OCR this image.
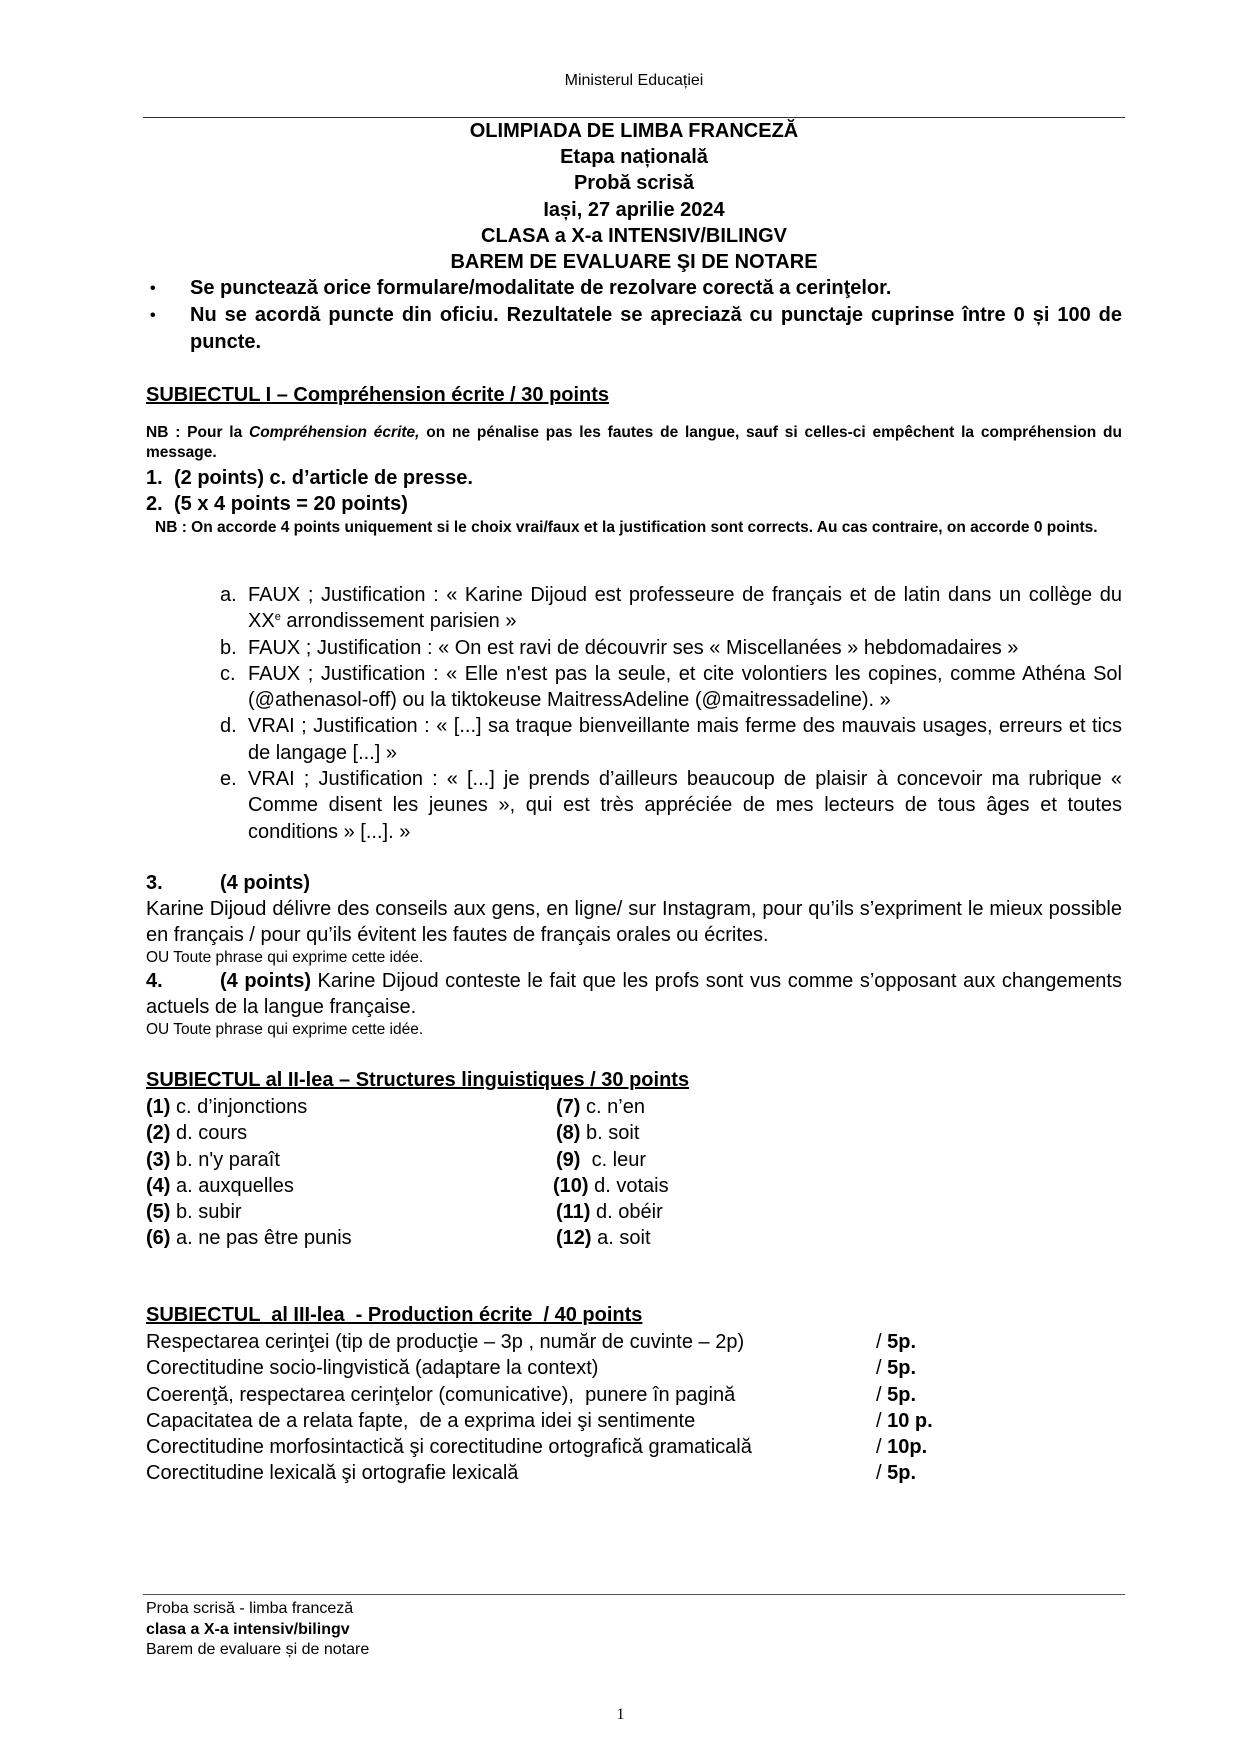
Ministerul Educației
OLIMPIADA DE LIMBA FRANCEZĂ
Etapa națională
Probă scrisă
Iași, 27 aprilie 2024
CLASA a X-a INTENSIV/BILINGV
BAREM DE EVALUARE ŞI DE NOTARE
• Se punctează orice formulare/modalitate de rezolvare corectă a cerinţelor.
• Nu se acordă puncte din oficiu. Rezultatele se apreciază cu punctaje cuprinse între 0 și 100 de puncte.
SUBIECTUL I – Compréhension écrite / 30 points
NB : Pour la Compréhension écrite, on ne pénalise pas les fautes de langue, sauf si celles-ci empêchent la compréhension du message.
1. (2 points) c. d’article de presse.
2. (5 x 4 points = 20 points)
NB : On accorde 4 points uniquement si le choix vrai/faux et la justification sont corrects. Au cas contraire, on accorde 0 points.
a. FAUX ; Justification : « Karine Dijoud est professeure de français et de latin dans un collège du XXe arrondissement parisien »
b. FAUX ; Justification : « On est ravi de découvrir ses « Miscellanées » hebdomadaires »
c. FAUX ; Justification : « Elle n'est pas la seule, et cite volontiers les copines, comme Athéna Sol (@athenasol-off) ou la tiktokeuse MaitressAdeline (@maitressadeline). »
d. VRAI ; Justification : « [...] sa traque bienveillante mais ferme des mauvais usages, erreurs et tics de langage [...] »
e. VRAI ; Justification : « [...] je prends d’ailleurs beaucoup de plaisir à concevoir ma rubrique « Comme disent les jeunes », qui est très appréciée de mes lecteurs de tous âges et toutes conditions » [...]. »
3.	(4 points)
Karine Dijoud délivre des conseils aux gens, en ligne/ sur Instagram, pour qu’ils s’expriment le mieux possible en français / pour qu’ils évitent les fautes de français orales ou écrites.
OU Toute phrase qui exprime cette idée.
4.	(4 points) Karine Dijoud conteste le fait que les profs sont vus comme s’opposant aux changements actuels de la langue française.
OU Toute phrase qui exprime cette idée.
SUBIECTUL al II-lea – Structures linguistiques / 30 points
(1) c. d’injonctions	(7) c. n’en
(2) d. cours	(8) b. soit
(3) b. n'y paraît	(9)  c. leur
(4) a. auxquelles	(10) d. votais
(5) b. subir	(11) d. obéir
(6) a. ne pas être punis	(12) a. soit
SUBIECTUL  al III-lea  - Production écrite  / 40 points
Respectarea cerinţei (tip de producţie – 3p , număr de cuvinte – 2p)	/ 5p.
Corectitudine socio-lingvistică (adaptare la context)	/ 5p.
Coerenţă, respectarea cerinţelor (comunicative),  punere în pagină	/ 5p.
Capacitatea de a relata fapte,  de a exprima idei şi sentimente	/ 10 p.
Corectitudine morfosintactică şi corectitudine ortografică gramaticală	/ 10p.
Corectitudine lexicală şi ortografie lexicală	/ 5p.
Proba scrisă - limba franceză
clasa a X-a intensiv/bilingv
Barem de evaluare și de notare
1
